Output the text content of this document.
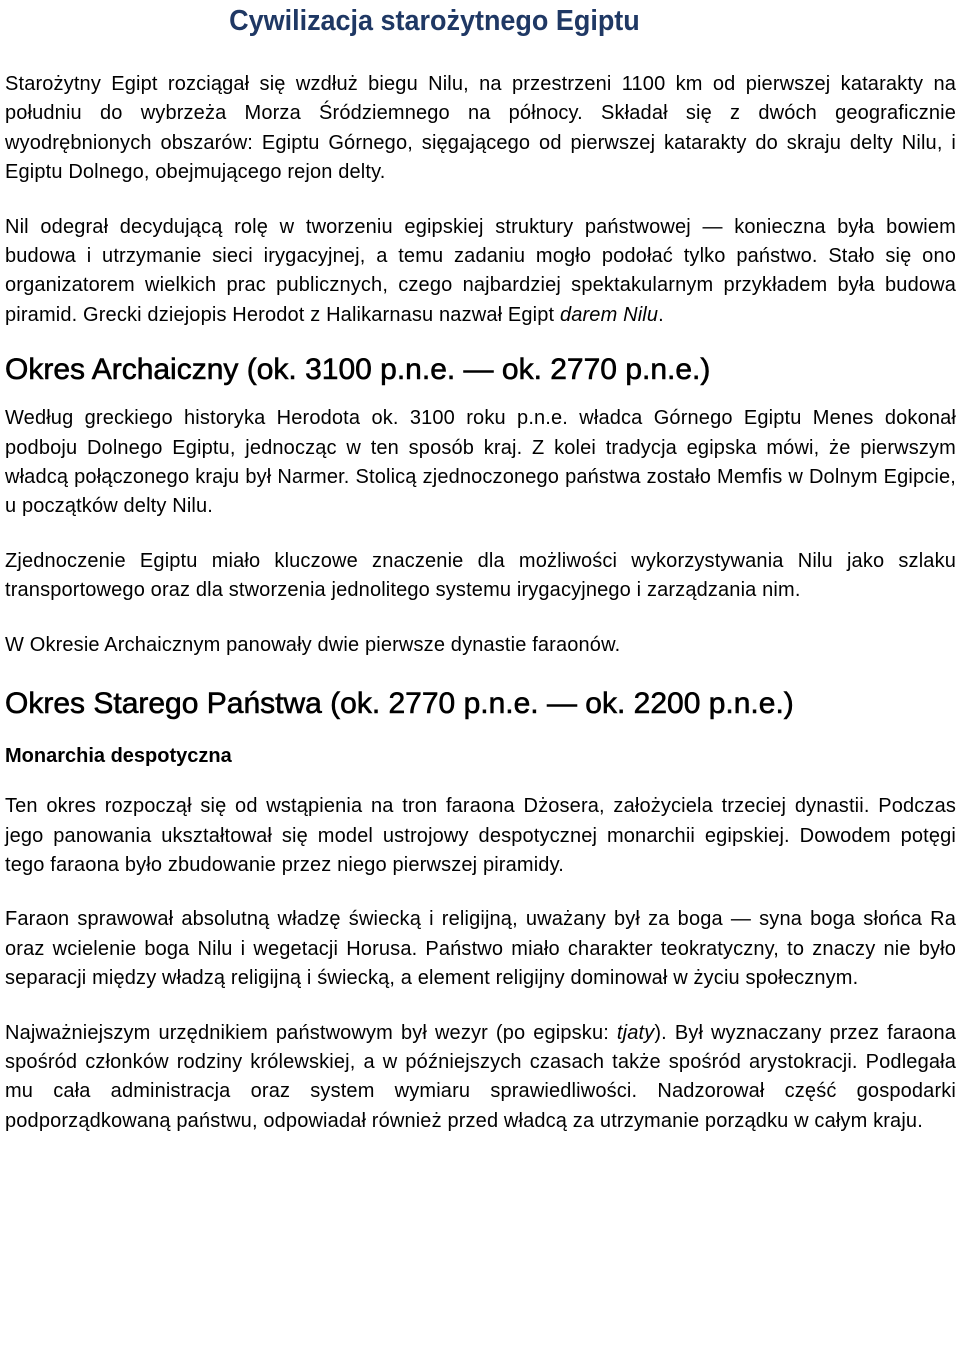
Cywilizacja starożytnego Egiptu

Starożytny Egipt rozciągał się wzdłuż biegu Nilu, na przestrzeni 1100 km od pierwszej katarakty na południu do wybrzeża Morza Śródziemnego na północy. Składał się z dwóch geograficznie wyodrębnionych obszarów: Egiptu Górnego, sięgającego od pierwszej katarakty do skraju delty Nilu, i Egiptu Dolnego, obejmującego rejon delty.

Nil odegrał decydującą rolę w tworzeniu egipskiej struktury państwowej — konieczna była bowiem budowa i utrzymanie sieci irygacyjnej, a temu zadaniu mogło podołać tylko państwo. Stało się ono organizatorem wielkich prac publicznych, czego najbardziej spektakularnym przykładem była budowa piramid. Grecki dziejopis Herodot z Halikarnasu nazwał Egipt darem Nilu.

Okres Archaiczny (ok. 3100 p.n.e. — ok. 2770 p.n.e.)

Według greckiego historyka Herodota ok. 3100 roku p.n.e. władca Górnego Egiptu Menes dokonał podboju Dolnego Egiptu, jednocząc w ten sposób kraj. Z kolei tradycja egipska mówi, że pierwszym władcą połączonego kraju był Narmer. Stolicą zjednoczonego państwa zostało Memfis w Dolnym Egipcie, u początków delty Nilu.

Zjednoczenie Egiptu miało kluczowe znaczenie dla możliwości wykorzystywania Nilu jako szlaku transportowego oraz dla stworzenia jednolitego systemu irygacyjnego i zarządzania nim.

W Okresie Archaicznym panowały dwie pierwsze dynastie faraonów.

Okres Starego Państwa (ok. 2770 p.n.e. — ok. 2200 p.n.e.)
Monarchia despotyczna

Ten okres rozpoczął się od wstąpienia na tron faraona Dżosera, założyciela trzeciej dynastii. Podczas jego panowania ukształtował się model ustrojowy despotycznej monarchii egipskiej. Dowodem potęgi tego faraona było zbudowanie przez niego pierwszej piramidy.

Faraon sprawował absolutną władzę świecką i religijną, uważany był za boga — syna boga słońca Ra oraz wcielenie boga Nilu i wegetacji Horusa. Państwo miało charakter teokratyczny, to znaczy nie było separacji między władzą religijną i świecką, a element religijny dominował w życiu społecznym.

Najważniejszym urzędnikiem państwowym był wezyr (po egipsku: tjaty). Był wyznaczany przez faraona spośród członków rodziny królewskiej, a w późniejszych czasach także spośród arystokracji. Podlegała mu cała administracja oraz system wymiaru sprawiedliwości. Nadzorował część gospodarki podporządkowaną państwu, odpowiadał również przed władcą za utrzymanie porządku w całym kraju.
